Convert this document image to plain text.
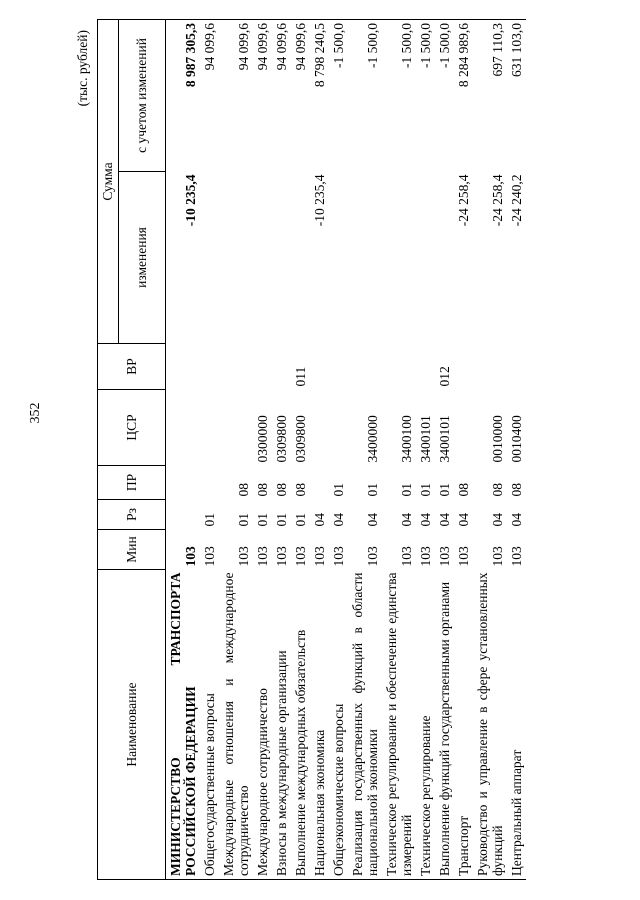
352
(тыс. рублей)
Наименование	Мин	Рз	ПР	ЦСР	ВР	Сумма	
						изменения	с учетом изменений
МИНИСТЕРСТВО ТРАНСПОРТА РОССИЙСКОЙ ФЕДЕРАЦИИ	103					-10 235,4	8 987 305,3
Общегосударственные вопросы	103	01					94 099,6
Международные отношения и международное сотрудничество	103	01	08				94 099,6
Международное сотрудничество	103	01	08	0300000			94 099,6
Взносы в международные организации	103	01	08	0309800			94 099,6
Выполнение международных обязательств	103	01	08	0309800	011		94 099,6
Национальная экономика	103	04				-10 235,4	8 798 240,5
Общеэкономические вопросы	103	04	01				-1 500,0
Реализация государственных функций в области национальной экономики	103	04	01	3400000			-1 500,0
Техническое регулирование и обеспечение единства измерений	103	04	01	3400100			-1 500,0
Техническое регулирование	103	04	01	3400101			-1 500,0
Выполнение функций государственными органами	103	04	01	3400101	012		-1 500,0
Транспорт	103	04	08			-24 258,4	8 284 989,6
Руководство и управление в сфере установленных функций	103	04	08	0010000		-24 258,4	697 110,3
Центральный аппарат	103	04	08	0010400		-24 240,2	631 103,0
